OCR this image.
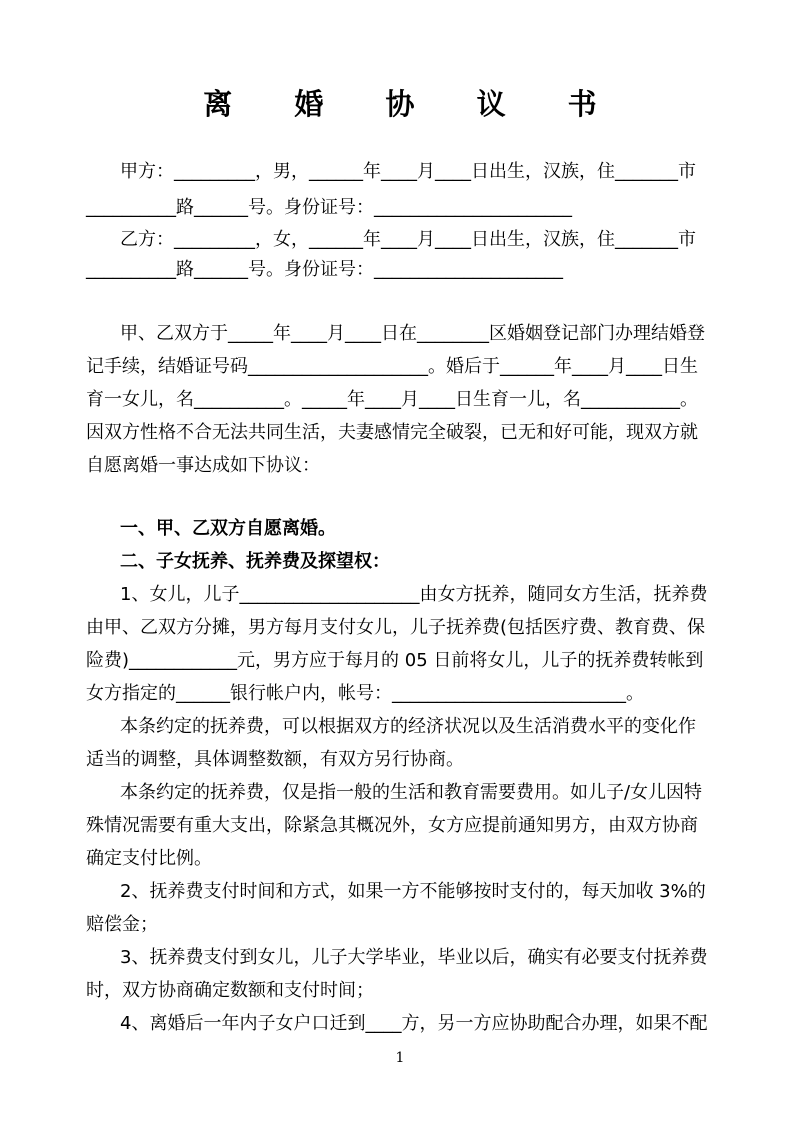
离 婚 协 议 书
甲方：_________，男，______年____月____日出生，汉族，住_______市
__________路______号。身份证号：______________________
乙方：_________，女，______年____月____日出生，汉族，住_______市
__________路______号。身份证号：_____________________
甲、乙双方于_____年____月____日在________区婚姻登记部门办理结婚登
记手续，结婚证号码____________________。婚后于______年____月____日生
育一女儿，名__________。_____年____月____日生育一儿，名___________。
因双方性格不合无法共同生活，夫妻感情完全破裂，已无和好可能，现双方就
自愿离婚一事达成如下协议：
一、甲、乙双方自愿离婚。
二、子女抚养、抚养费及探望权：
1、女儿，儿子____________________由女方抚养，随同女方生活，抚养费
由甲、乙双方分摊，男方每月支付女儿，儿子抚养费(包括医疗费、教育费、保
险费)____________元，男方应于每月的 05 日前将女儿，儿子的抚养费转帐到
女方指定的______银行帐户内，帐号：__________________________。
本条约定的抚养费，可以根据双方的经济状况以及生活消费水平的变化作
适当的调整，具体调整数额，有双方另行协商。
本条约定的抚养费，仅是指一般的生活和教育需要费用。如儿子/女儿因特
殊情况需要有重大支出，除紧急其概况外，女方应提前通知男方，由双方协商
确定支付比例。
2、抚养费支付时间和方式，如果一方不能够按时支付的，每天加收 3%的
赔偿金；
3、抚养费支付到女儿，儿子大学毕业，毕业以后，确实有必要支付抚养费
时，双方协商确定数额和支付时间；
4、离婚后一年内子女户口迁到____方，另一方应协助配合办理，如果不配
1
